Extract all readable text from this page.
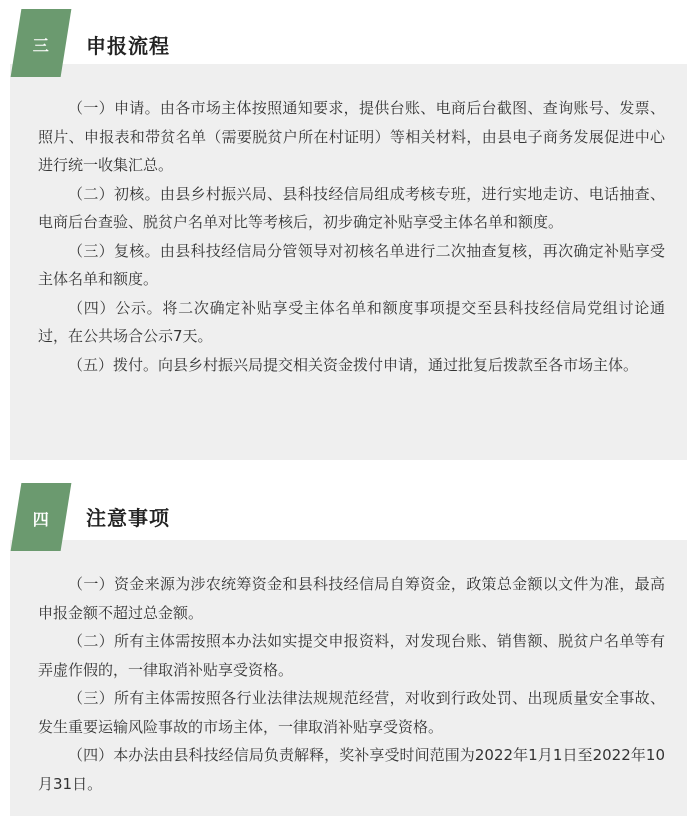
三 申报流程

（一）申请。由各市场主体按照通知要求，提供台账、电商后台截图、查询账号、发票、照片、申报表和带贫名单（需要脱贫户所在村证明）等相关材料，由县电子商务发展促进中心进行统一收集汇总。

（二）初核。由县乡村振兴局、县科技经信局组成考核专班，进行实地走访、电话抽查、电商后台查验、脱贫户名单对比等考核后，初步确定补贴享受主体名单和额度。

（三）复核。由县科技经信局分管领导对初核名单进行二次抽查复核，再次确定补贴享受主体名单和额度。

（四）公示。将二次确定补贴享受主体名单和额度事项提交至县科技经信局党组讨论通过，在公共场合公示7天。

（五）拨付。向县乡村振兴局提交相关资金拨付申请，通过批复后拨款至各市场主体。

四 注意事项

（一）资金来源为涉农统筹资金和县科技经信局自筹资金，政策总金额以文件为准，最高申报金额不超过总金额。

（二）所有主体需按照本办法如实提交申报资料，对发现台账、销售额、脱贫户名单等有弄虚作假的，一律取消补贴享受资格。

（三）所有主体需按照各行业法律法规规范经营，对收到行政处罚、出现质量安全事故、发生重要运输风险事故的市场主体，一律取消补贴享受资格。

（四）本办法由县科技经信局负责解释，奖补享受时间范围为2022年1月1日至2022年10月31日。
